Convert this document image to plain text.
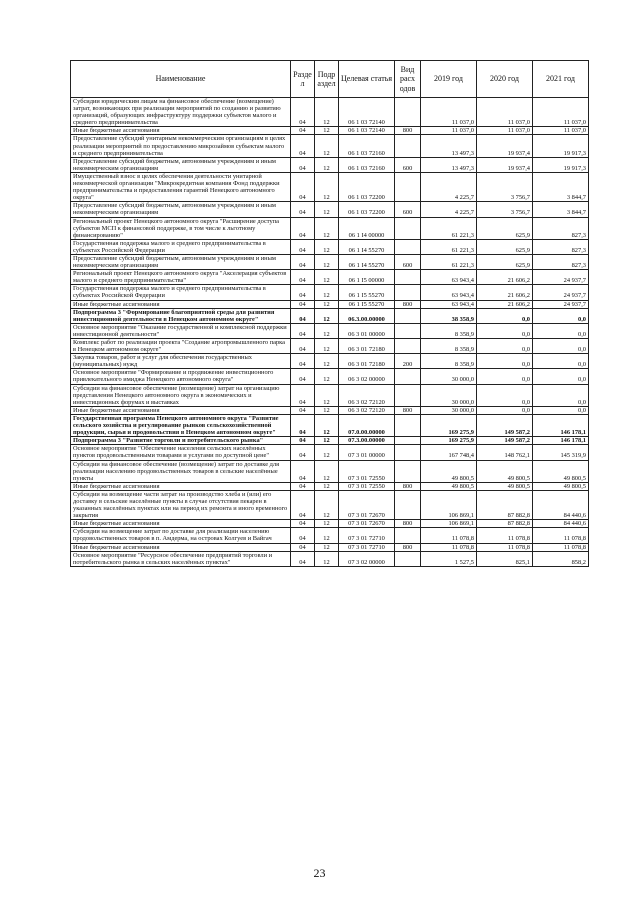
Наименование	Разде л	Подр аздел	Целевая статья	Вид расх одов	2019 год	2020 год	2021 год
Субсидии юридическим лицам на финансовое обеспечение (возмещение) затрат, возникающих при реализации мероприятий по созданию и развитию организаций, образующих инфраструктуру поддержки субъектов малого и среднего предпринимательства	04	12	06 1 03 72140		11 037,0	11 037,0	11 037,0
Иные бюджетные ассигнования	04	12	06 1 03 72140	800	11 037,0	11 037,0	11 037,0
Предоставление субсидий унитарным некоммерческим организациям в целях реализации мероприятий по предоставлению микрозаймов субъектам малого и среднего предпринимательства	04	12	06 1 03 72160		13 497,3	19 937,4	19 917,3
Предоставление субсидий бюджетным, автономным учреждениям и иным некоммерческим организациям	04	12	06 1 03 72160	600	13 497,3	19 937,4	19 917,3
Имущественный взнос в целях обеспечения деятельности унитарной некоммерческой организации "Микрокредитная компания Фонд поддержки предпринимательства и предоставления гарантий Ненецкого автономного округа"	04	12	06 1 03 72200		4 225,7	3 756,7	3 844,7
Предоставление субсидий бюджетным, автономным учреждениям и иным некоммерческим организациям	04	12	06 1 03 72200	600	4 225,7	3 756,7	3 844,7
Региональный проект Ненецкого автономного округа "Расширение доступа субъектов МСП к финансовой поддержке, в том числе к льготному финансированию"	04	12	06 1 I4 00000		61 221,3	625,9	827,3
Государственная поддержка малого и среднего предпринимательства в субъектах Российской Федерации	04	12	06 1 I4 55270		61 221,3	625,9	827,3
Предоставление субсидий бюджетным, автономным учреждениям и иным некоммерческим организациям	04	12	06 1 I4 55270	600	61 221,3	625,9	827,3
Региональный проект Ненецкого автономного округа "Акселерация субъектов малого и среднего предпринимательства"	04	12	06 1 I5 00000		63 943,4	21 606,2	24 937,7
Государственная поддержка малого и среднего предпринимательства в субъектах Российской Федерации	04	12	06 1 I5 55270		63 943,4	21 606,2	24 937,7
Иные бюджетные ассигнования	04	12	06 1 I5 55270	800	63 943,4	21 606,2	24 937,7
Подпрограмма 3 "Формирование благоприятной среды для развития инвестиционной деятельности в Ненецком автономном округе"	04	12	06.3.00.00000		38 358,9	0,0	0,0
Основное мероприятие "Оказание государственной и комплексной поддержки инвестиционной деятельности"	04	12	06 3 01 00000		8 358,9	0,0	0,0
Комплекс работ по реализации проекта "Создание агропромышленного парка в Ненецком автономном округе"	04	12	06 3 01 72180		8 358,9	0,0	0,0
Закупка товаров, работ и услуг для обеспечения государственных (муниципальных) нужд	04	12	06 3 01 72180	200	8 358,9	0,0	0,0
Основное мероприятие "Формирование и продвижение инвестиционного привлекательного имиджа Ненецкого автономного округа"	04	12	06 3 02 00000		30 000,0	0,0	0,0
Субсидии на финансовое обеспечение (возмещение) затрат на организацию представления Ненецкого автономного округа в экономических и инвестиционных форумах и выставках	04	12	06 3 02 72120		30 000,0	0,0	0,0
Иные бюджетные ассигнования	04	12	06 3 02 72120	800	30 000,0	0,0	0,0
Государственная программа Ненецкого автономного округа "Развитие сельского хозяйства и регулирование рынков сельскохозяйственной продукции, сырья и продовольствия в Ненецком автономном округе"	04	12	07.0.00.00000		169 275,9	149 587,2	146 178,1
Подпрограмма 3 "Развитие торговли и потребительского рынка"	04	12	07.3.00.00000		169 275,9	149 587,2	146 178,1
Основное мероприятие "Обеспечение населения сельских населённых пунктов продовольственными товарами и услугами по доступной цене"	04	12	07 3 01 00000		167 748,4	148 762,1	145 319,9
Субсидии на финансовое обеспечение (возмещение) затрат по доставке для реализации населению продовольственных товаров в сельские населённые пункты	04	12	07 3 01 72550		49 800,5	49 800,5	49 800,5
Иные бюджетные ассигнования	04	12	07 3 01 72550	800	49 800,5	49 800,5	49 800,5
Субсидии на возмещение части затрат на производство хлеба и (или) его доставку в сельские населённые пункты в случае отсутствия пекарен в указанных населённых пунктах или на период их ремонта и иного временного закрытия	04	12	07 3 01 72670		106 869,1	87 882,8	84 440,6
Иные бюджетные ассигнования	04	12	07 3 01 72670	800	106 869,1	87 882,8	84 440,6
Субсидии на возмещение затрат по доставке для реализации населению продовольственных товаров в п. Амдерма, на островах Колгуев и Вайгач	04	12	07 3 01 72710		11 078,8	11 078,8	11 078,8
Иные бюджетные ассигнования	04	12	07 3 01 72710	800	11 078,8	11 078,8	11 078,8
Основное мероприятие "Ресурсное обеспечение предприятий торговли и потребительского рынка в сельских населённых пунктах"	04	12	07 3 02 00000		1 527,5	825,1	858,2
23
